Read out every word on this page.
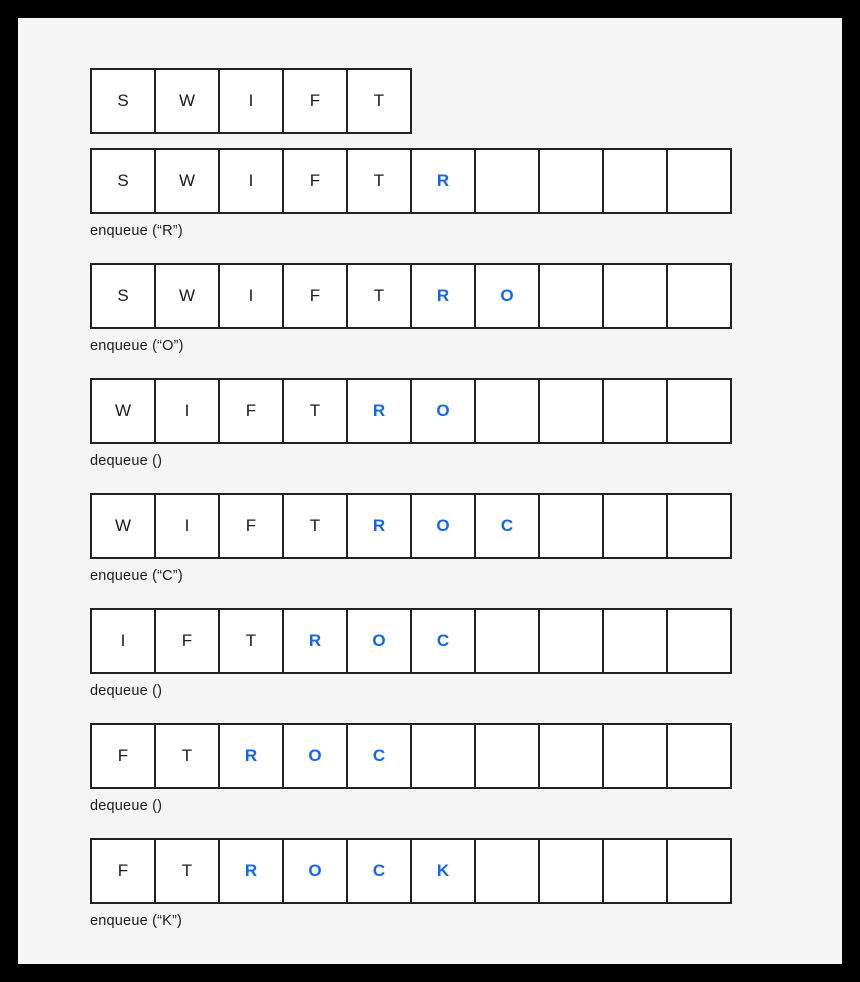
S	W	I	F	T
S	W	I	F	T	R
enqueue (“R”)
S	W	I	F	T	R	O
enqueue (“O”)
W	I	F	T	R	O
dequeue ()
W	I	F	T	R	O	C
enqueue (“C”)
I	F	T	R	O	C
dequeue ()
F	T	R	O	C
dequeue ()
F	T	R	O	C	K
enqueue (“K”)
